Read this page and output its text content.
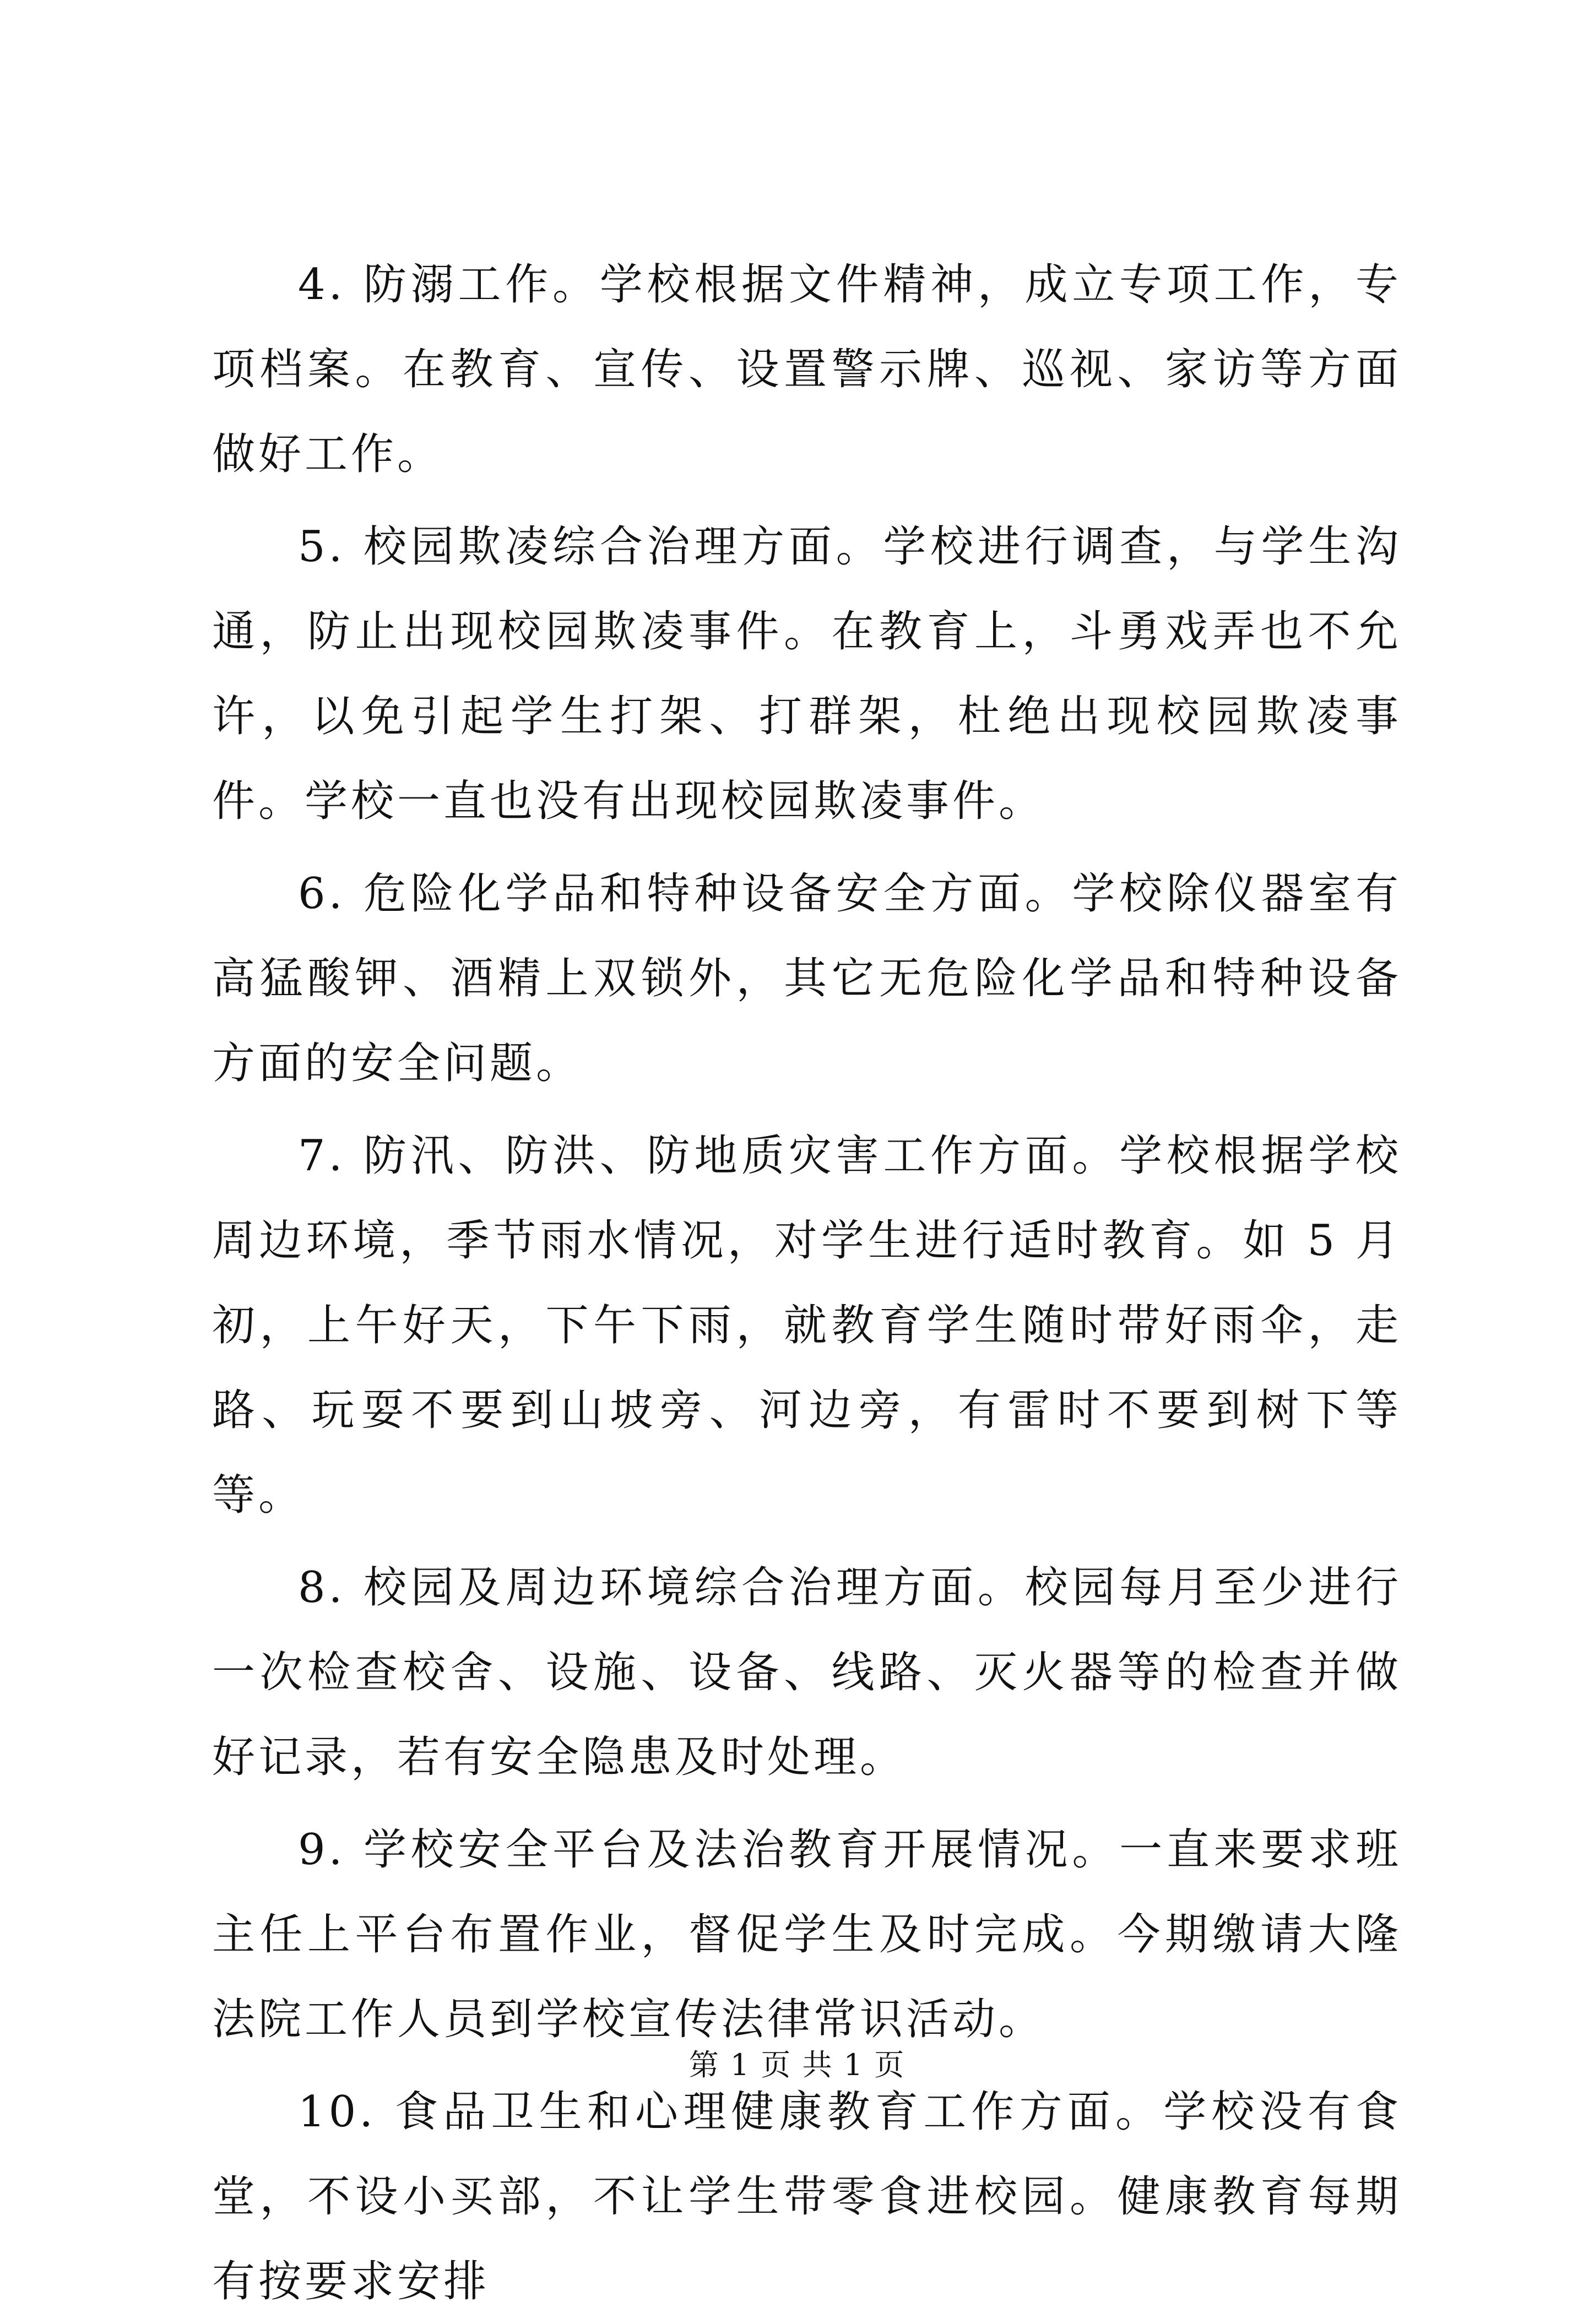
4. 防溺工作。学校根据文件精神，成立专项工作，专项档案。在教育、宣传、设置警示牌、巡视、家访等方面做好工作。

5. 校园欺凌综合治理方面。学校进行调查，与学生沟通，防止出现校园欺凌事件。在教育上，斗勇戏弄也不允许，以免引起学生打架、打群架，杜绝出现校园欺凌事件。学校一直也没有出现校园欺凌事件。

6. 危险化学品和特种设备安全方面。学校除仪器室有高猛酸钾、酒精上双锁外，其它无危险化学品和特种设备方面的安全问题。

7. 防汛、防洪、防地质灾害工作方面。学校根据学校周边环境，季节雨水情况，对学生进行适时教育。如 5 月初，上午好天，下午下雨，就教育学生随时带好雨伞，走路、玩耍不要到山坡旁、河边旁，有雷时不要到树下等等。

8. 校园及周边环境综合治理方面。校园每月至少进行一次检查校舍、设施、设备、线路、灭火器等的检查并做好记录，若有安全隐患及时处理。

9. 学校安全平台及法治教育开展情况。一直来要求班主任上平台布置作业，督促学生及时完成。今期缴请大隆法院工作人员到学校宣传法律常识活动。

10. 食品卫生和心理健康教育工作方面。学校没有食堂，不设小买部，不让学生带零食进校园。健康教育每期有按要求安排

第 1 页 共 1 页
